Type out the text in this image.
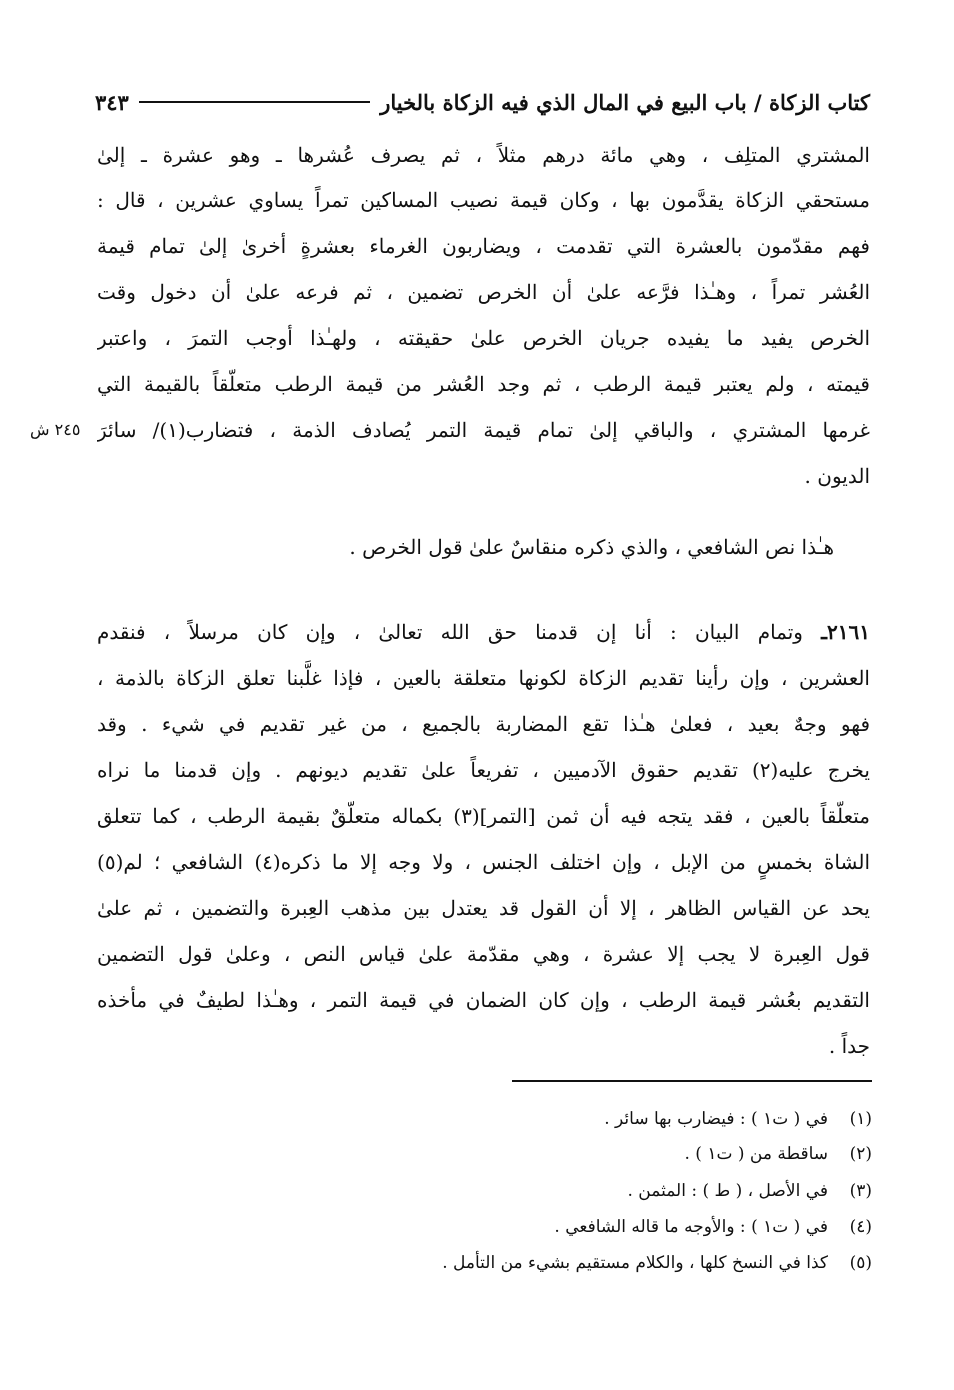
كتاب الزكاة / باب البيع في المال الذي فيه الزكاة بالخيار
٣٤٣
٢٤٥ ش
المشتري المتلِف ، وهي مائة درهم مثلاً ، ثم يصرف عُشرها ـ وهو عشرة ـ إلىٰ
مستحقي الزكاة يقدَّمون بها ، وكان قيمة نصيب المساكين تمراً يساوي عشرين ، قال :
فهم مقدّمون بالعشرة التي تقدمت ، ويضاربون الغرماء بعشرةٍ أخرىٰ إلىٰ تمام قيمة
العُشر تمراً ، وهـٰذا فرَّعه علىٰ أن الخرص تضمين ، ثم فرعه علىٰ أن دخول وقت
الخرص يفيد ما يفيده جريان الخرص علىٰ حقيقته ، ولهـٰذا أوجب التمرَ ، واعتبر
قيمته ، ولم يعتبر قيمة الرطب ، ثم وجد العُشر من قيمة الرطب متعلّقاً بالقيمة التي
غرمها المشتري ، والباقي إلىٰ تمام قيمة التمر يُصادف الذمة ، فتضارب(١)/ سائرَ
الديون .
هـٰذا نص الشافعي ، والذي ذكره منقاسٌ علىٰ قول الخرص .
٢١٦١ـ وتمام البيان : أنا إن قدمنا حق الله تعالىٰ ، وإن كان مرسلاً ، فنقدم
العشرين ، وإن رأينا تقديم الزكاة لكونها متعلقة بالعين ، فإذا غلَّبنا تعلق الزكاة بالذمة ،
فهو وجهٌ بعيد ، فعلىٰ هـٰذا تقع المضاربة بالجميع ، من غير تقديم في شيء . وقد
يخرج عليه(٢) تقديم حقوق الآدميين ، تفريعاً علىٰ تقديم ديونهم . وإن قدمنا ما نراه
متعلّقاً بالعين ، فقد يتجه فيه أن ثمن [التمر](٣) بكماله متعلّقٌ بقيمة الرطب ، كما تتعلق
الشاة بخمسٍ من الإبل ، وإن اختلف الجنس ، ولا وجه إلا ما ذكره(٤) الشافعي ؛ لم(٥)
يحد عن القياس الظاهر ، إلا أن القول قد يعتدل بين مذهب العِبرة والتضمين ، ثم علىٰ
قول العِبرة لا يجب إلا عشرة ، وهي مقدّمة علىٰ قياس النص ، وعلىٰ قول التضمين
التقديم بعُشر قيمة الرطب ، وإن كان الضمان في قيمة التمر ، وهـٰذا لطيفٌ في مأخذه
جداً .
(١)في ( ت١ ) : فيضارب بها سائر .
(٢)ساقطة من ( ت١ ) .
(٣)في الأصل ، ( ط ) : المثمن .
(٤)في ( ت١ ) : والأوجه ما قاله الشافعي .
(٥)كذا في النسخ كلها ، والكلام مستقيم بشيء من التأمل .
